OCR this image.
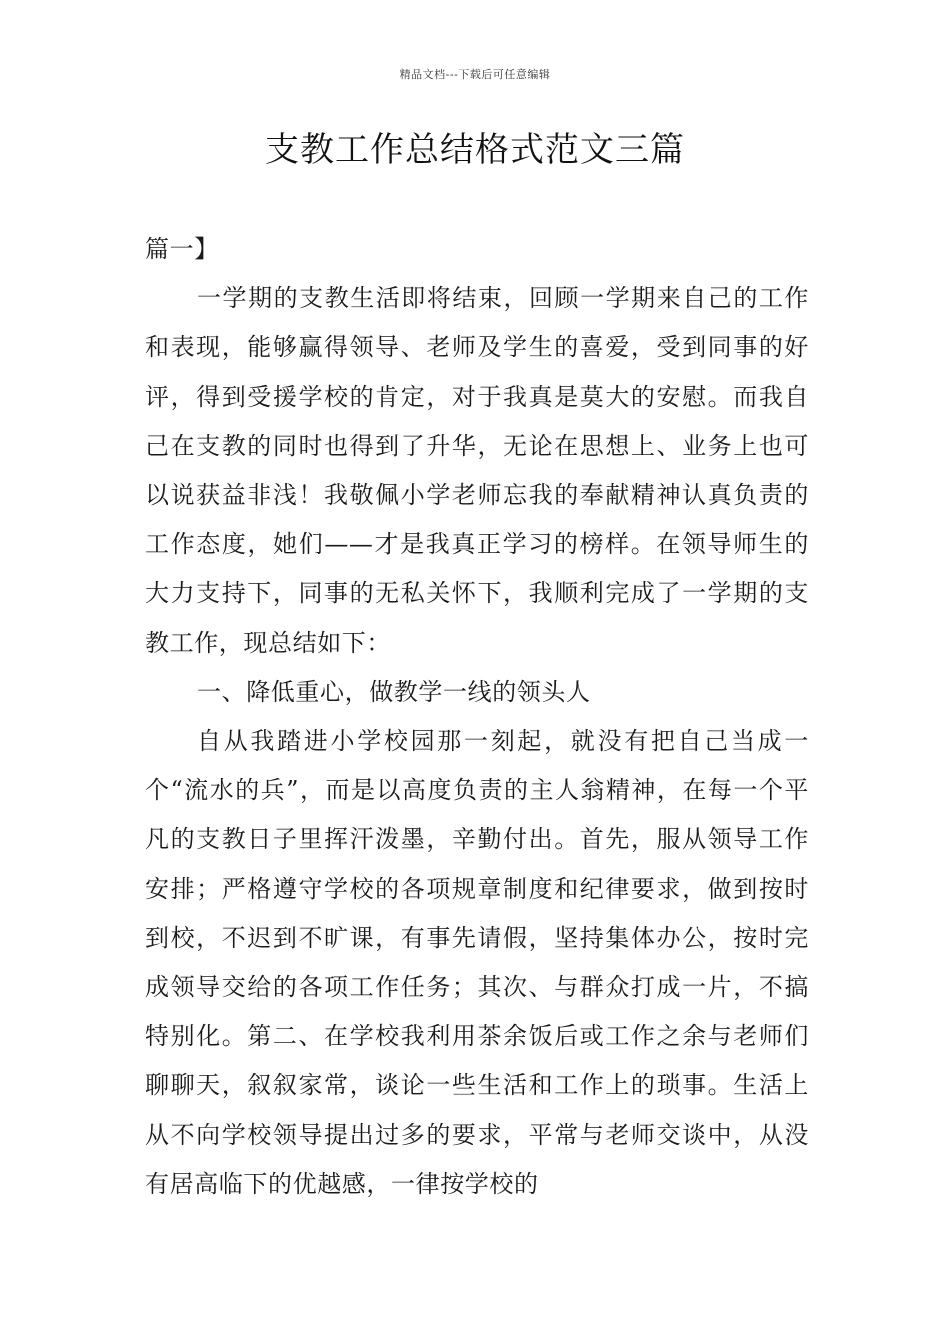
精品文档---下载后可任意编辑
支教工作总结格式范文三篇

篇一】

一学期的支教生活即将结束，回顾一学期来自己的工作和表现，能够赢得领导、老师及学生的喜爱，受到同事的好评，得到受援学校的肯定，对于我真是莫大的安慰。而我自己在支教的同时也得到了升华，无论在思想上、业务上也可以说获益非浅！我敬佩小学老师忘我的奉献精神认真负责的工作态度，她们——才是我真正学习的榜样。在领导师生的大力支持下，同事的无私关怀下，我顺利完成了一学期的支教工作，现总结如下：

一、降低重心，做教学一线的领头人

自从我踏进小学校园那一刻起，就没有把自己当成一个“流水的兵”，而是以高度负责的主人翁精神，在每一个平凡的支教日子里挥汗泼墨，辛勤付出。首先，服从领导工作安排；严格遵守学校的各项规章制度和纪律要求，做到按时到校，不迟到不旷课，有事先请假，坚持集体办公，按时完成领导交给的各项工作任务；其次、与群众打成一片，不搞特别化。第二、在学校我利用茶余饭后或工作之余与老师们聊聊天，叙叙家常，谈论一些生活和工作上的琐事。生活上从不向学校领导提出过多的要求，平常与老师交谈中，从没有居高临下的优越感，一律按学校的
